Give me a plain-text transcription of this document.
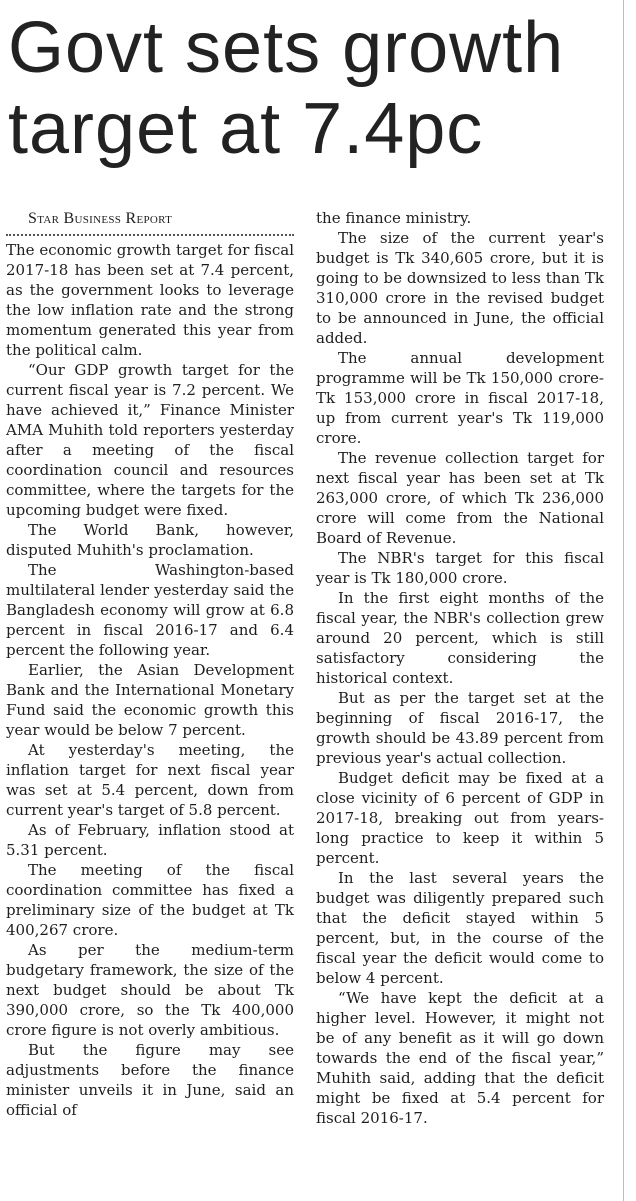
Govt sets growth target at 7.4pc

Star Business Report

The economic growth target for fiscal 2017-18 has been set at 7.4 percent, as the government looks to leverage the low inflation rate and the strong momentum generated this year from the political calm.

“Our GDP growth target for the current fiscal year is 7.2 percent. We have achieved it,” Finance Minister AMA Muhith told reporters yesterday after a meeting of the fiscal coordination council and resources committee, where the targets for the upcoming budget were fixed.

The World Bank, however, disputed Muhith's proclamation.

The Washington-based multilateral lender yesterday said the Bangladesh economy will grow at 6.8 percent in fiscal 2016-17 and 6.4 percent the following year.

Earlier, the Asian Development Bank and the International Monetary Fund said the economic growth this year would be below 7 percent.

At yesterday's meeting, the inflation target for next fiscal year was set at 5.4 percent, down from current year's target of 5.8 percent.

As of February, inflation stood at 5.31 percent.

The meeting of the fiscal coordination committee has fixed a preliminary size of the budget at Tk 400,267 crore.

As per the medium-term budgetary framework, the size of the next budget should be about Tk 390,000 crore, so the Tk 400,000 crore figure is not overly ambitious.

But the figure may see adjustments before the finance minister unveils it in June, said an official of

the finance ministry.

The size of the current year's budget is Tk 340,605 crore, but it is going to be downsized to less than Tk 310,000 crore in the revised budget to be announced in June, the official added.

The annual development programme will be Tk 150,000 crore-Tk 153,000 crore in fiscal 2017-18, up from current year's Tk 119,000 crore.

The revenue collection target for next fiscal year has been set at Tk 263,000 crore, of which Tk 236,000 crore will come from the National Board of Revenue.

The NBR's target for this fiscal year is Tk 180,000 crore.

In the first eight months of the fiscal year, the NBR's collection grew around 20 percent, which is still satisfactory considering the historical context.

But as per the target set at the beginning of fiscal 2016-17, the growth should be 43.89 percent from previous year's actual collection.

Budget deficit may be fixed at a close vicinity of 6 percent of GDP in 2017-18, breaking out from years-long practice to keep it within 5 percent.

In the last several years the budget was diligently prepared such that the deficit stayed within 5 percent, but, in the course of the fiscal year the deficit would come to below 4 percent.

“We have kept the deficit at a higher level. However, it might not be of any benefit as it will go down towards the end of the fiscal year,” Muhith said, adding that the deficit might be fixed at 5.4 percent for fiscal 2016-17.
